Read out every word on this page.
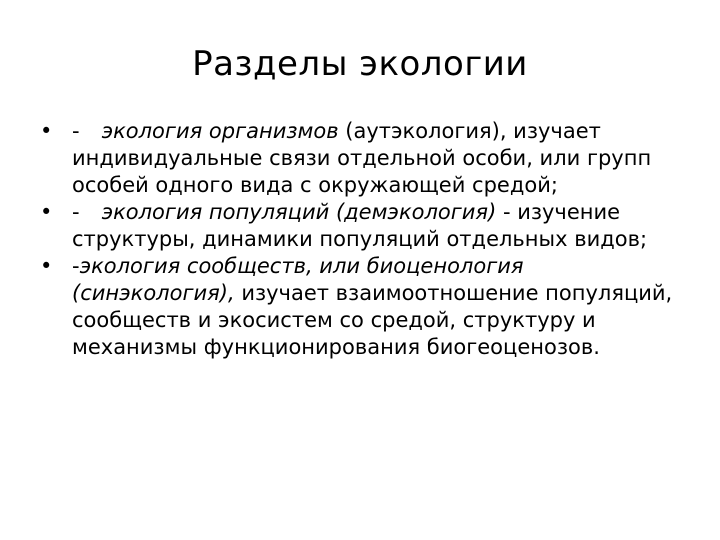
Разделы экологии
• - экология организмов (аутэкология), изучает индивидуальные связи отдельной особи, или групп особей одного вида с окружающей средой;
• - экология популяций (демэкология) - изучение структуры, динамики популяций отдельных видов;
• -экология сообществ, или биоценология (синэкология), изучает взаимоотношение популяций, сообществ и экосистем со средой, структуру и механизмы функционирования биогеоценозов.
